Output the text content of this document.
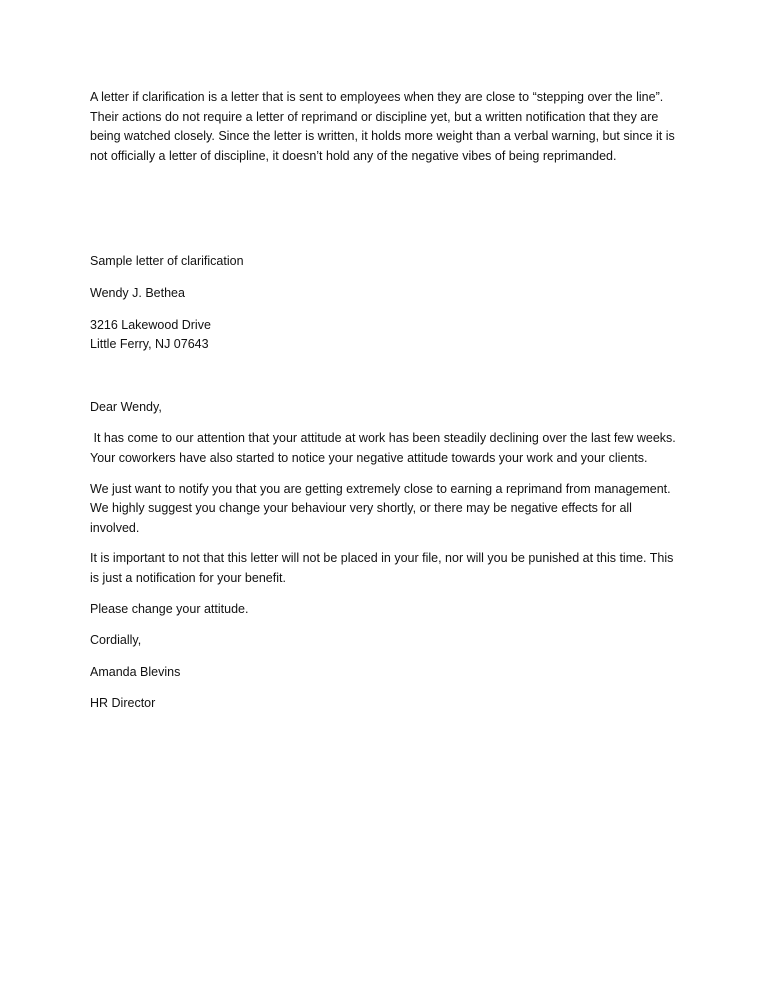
A letter if clarification is a letter that is sent to employees when they are close to “stepping over the line”. Their actions do not require a letter of reprimand or discipline yet, but a written notification that they are being watched closely. Since the letter is written, it holds more weight than a verbal warning, but since it is not officially a letter of discipline, it doesn’t hold any of the negative vibes of being reprimanded.

Sample letter of clarification

Wendy J. Bethea

3216 Lakewood Drive

Little Ferry, NJ 07643

Dear Wendy,

It has come to our attention that your attitude at work has been steadily declining over the last few weeks. Your coworkers have also started to notice your negative attitude towards your work and your clients.

We just want to notify you that you are getting extremely close to earning a reprimand from management. We highly suggest you change your behaviour very shortly, or there may be negative effects for all involved.

It is important to not that this letter will not be placed in your file, nor will you be punished at this time. This is just a notification for your benefit.

Please change your attitude.

Cordially,

Amanda Blevins

HR Director
